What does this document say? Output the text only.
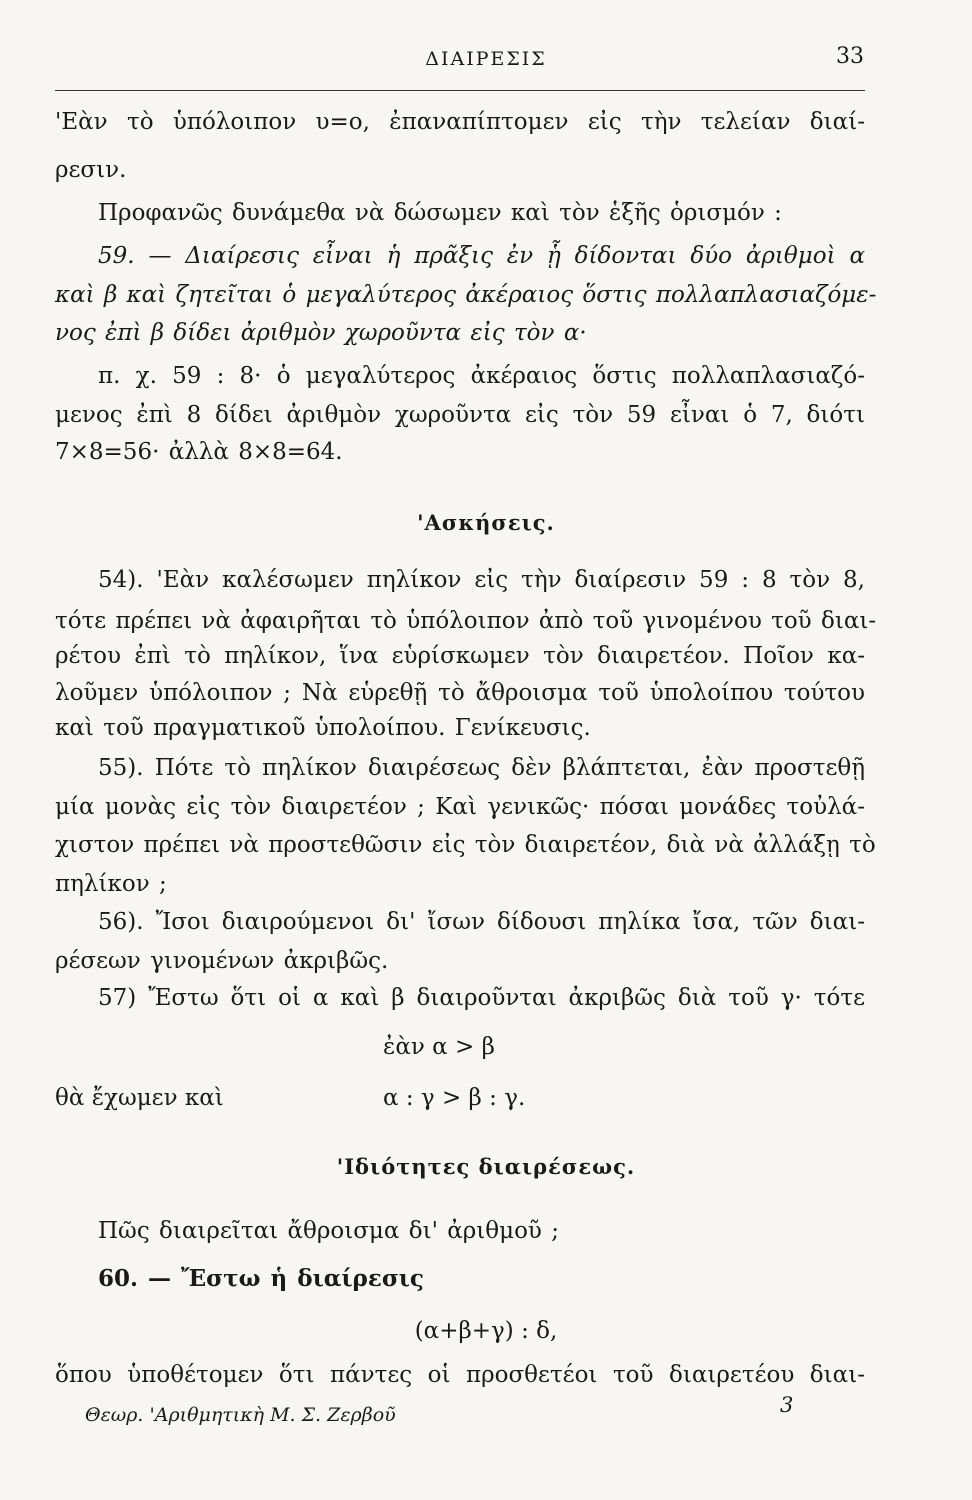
ΔΙΑΙΡΕΣΙΣ	33
'Εὰν τὸ ὑπόλοιπον υ=ο, ἐπαναπίπτομεν εἰς τὴν τελείαν διαί-
ρεσιν.
Προφανῶς δυνάμεθα νὰ δώσωμεν καὶ τὸν ἑξῆς ὁρισμόν :
59. — Διαίρεσις εἶναι ἡ πρᾶξις ἐν ᾗ δίδονται δύο ἀριθμοὶ α
καὶ β καὶ ζητεῖται ὁ μεγαλύτερος ἀκέραιος ὅστις πολλαπλασιαζόμε-
νος ἐπὶ β δίδει ἀριθμὸν χωροῦντα εἰς τὸν α·
π. χ. 59 : 8· ὁ μεγαλύτερος ἀκέραιος ὅστις πολλαπλασιαζό-
μενος ἐπὶ 8 δίδει ἀριθμὸν χωροῦντα εἰς τὸν 59 εἶναι ὁ 7, διότι
7×8=56· ἀλλὰ 8×8=64.
'Ασκήσεις.
54). 'Εὰν καλέσωμεν πηλίκον εἰς τὴν διαίρεσιν 59 : 8 τὸν 8,
τότε πρέπει νὰ ἀφαιρῆται τὸ ὑπόλοιπον ἀπὸ τοῦ γινομένου τοῦ διαι-
ρέτου ἐπὶ τὸ πηλίκον, ἵνα εὑρίσκωμεν τὸν διαιρετέον. Ποῖον κα-
λοῦμεν ὑπόλοιπον ; Νὰ εὑρεθῇ τὸ ἄθροισμα τοῦ ὑπολοίπου τούτου
καὶ τοῦ πραγματικοῦ ὑπολοίπου. Γενίκευσις.
55). Πότε τὸ πηλίκον διαιρέσεως δὲν βλάπτεται, ἐὰν προστεθῇ
μία μονὰς εἰς τὸν διαιρετέον ; Καὶ γενικῶς· πόσαι μονάδες τοὐλά-
χιστον πρέπει νὰ προστεθῶσιν εἰς τὸν διαιρετέον, διὰ νὰ ἀλλάξῃ τὸ
πηλίκον ;
56). Ἴσοι διαιρούμενοι δι' ἴσων δίδουσι πηλίκα ἴσα, τῶν διαι-
ρέσεων γινομένων ἀκριβῶς.
57) Ἔστω ὅτι οἱ α καὶ β διαιροῦνται ἀκριβῶς διὰ τοῦ γ· τότε
ἐὰν α > β
θὰ ἔχωμεν καὶ	α : γ > β : γ.
'Ιδιότητες διαιρέσεως.
Πῶς διαιρεῖται ἄθροισμα δι' ἀριθμοῦ ;
60. — Ἔστω ἡ διαίρεσις
(α+β+γ) : δ,
ὅπου ὑποθέτομεν ὅτι πάντες οἱ προσθετέοι τοῦ διαιρετέου διαι-
Θεωρ. 'Αριθμητικὴ Μ. Σ. Ζερβοῦ	3
